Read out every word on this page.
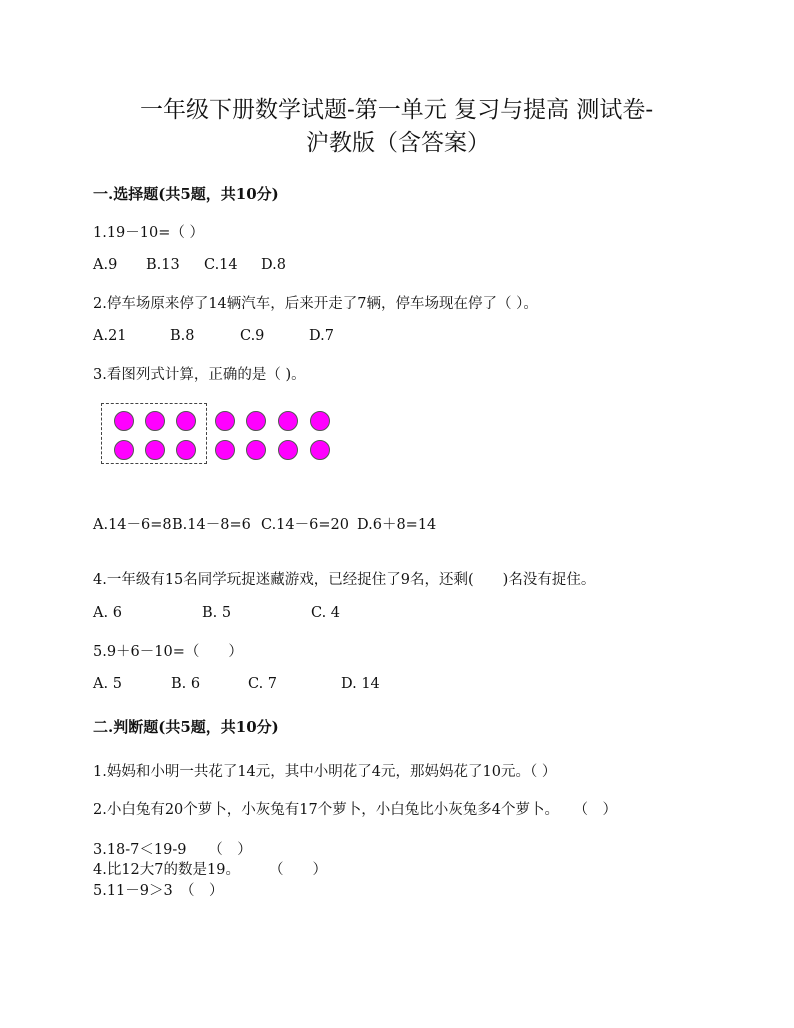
一年级下册数学试题-第一单元 复习与提高 测试卷-
沪教版（含答案）
一.选择题(共5题，共10分)
1.19－10=（ ）
A.9 B.13 C.14 D.8
2.停车场原来停了14辆汽车，后来开走了7辆，停车场现在停了（ ）。
A.21	B.8	C.9	D.7
3.看图列式计算，正确的是（ )。
A.14－6=8 B.14－8=6 C.14－6=20 D.6＋8=14
4.一年级有15名同学玩捉迷藏游戏，已经捉住了9名，还剩(　　)名没有捉住。
A. 6	B. 5	C. 4
5.9＋6－10=（　　）
A. 5	B. 6	C. 7	D. 14
二.判断题(共5题，共10分)
1.妈妈和小明一共花了14元，其中小明花了4元，那妈妈花了10元。（ ）
2.小白兔有20个萝卜，小灰兔有17个萝卜，小白兔比小灰兔多4个萝卜。　　（　）
3.18-7＜19-9　　（　）
4.比12大7的数是19。　　　（　　）
5.11－9＞3　（　）
